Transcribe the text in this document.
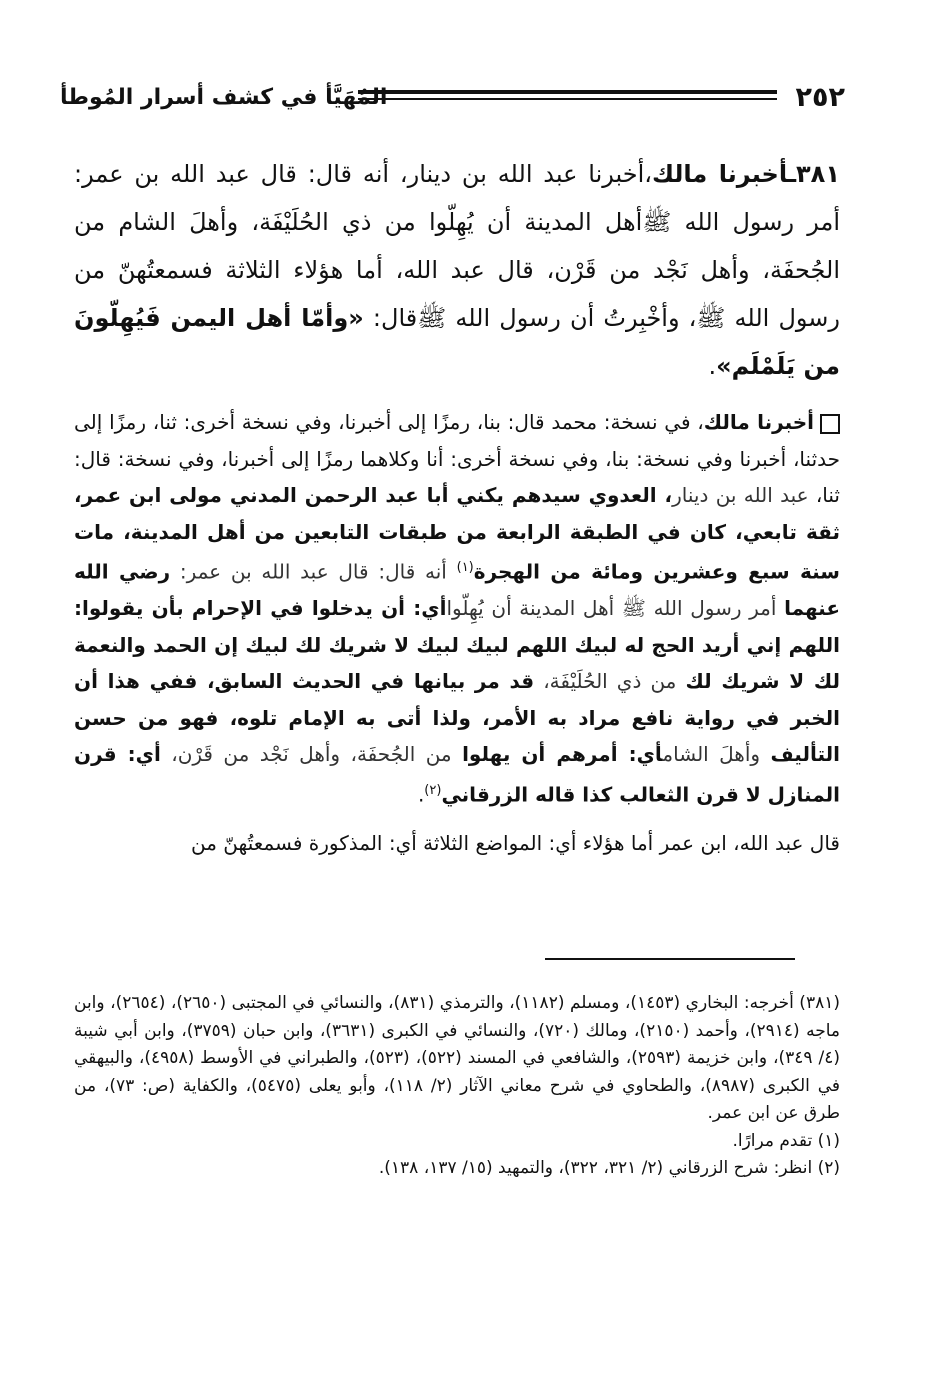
٢٥٢
المُهَيَّأ في كشف أسرار المُوطأ

٣٨١ـأخبرنا مالك،أخبرنا عبد الله بن دينار، أنه قال: قال عبد الله بن عمر: أمر رسول الله ﷺأهل المدينة أن يُهِلّوا من ذي الحُلَيْفَة، وأهلَ الشام من الجُحفَة، وأهل نَجْد من قَرْن، قال عبد الله، أما هؤلاء الثلاثة فسمعتُهنّ من رسول الله ﷺ، وأخْبِرتُ أن رسول الله ﷺقال: «وأمّا أهل اليمن فَيُهِلّونَ من يَلَمْلَم».

أخبرنا مالك، في نسخة: محمد قال: بنا، رمزًا إلى أخبرنا، وفي نسخة أخرى: ثنا، رمزًا إلى حدثنا، أخبرنا وفي نسخة: بنا، وفي نسخة أخرى: أنا وكلاهما رمزًا إلى أخبرنا، وفي نسخة: قال: ثنا، عبد الله بن دينار، العدوي سيدهم يكني أبا عبد الرحمن المدني مولى ابن عمر، ثقة تابعي، كان في الطبقة الرابعة من طبقات التابعين من أهل المدينة، مات سنة سبع وعشرين ومائة من الهجرة$^{(١)}$ أنه قال: قال عبد الله بن عمر: رضي الله عنهما أمر رسول الله ﷺ أهل المدينة أن يُهِلّواأي: أن يدخلوا في الإحرام بأن يقولوا: اللهم إني أريد الحج له لبيك اللهم لبيك لبيك لا شريك لك لبيك إن الحمد والنعمة لك لا شريك لك من ذي الحُلَيْفَة، قد مر بيانها في الحديث السابق، ففي هذا أن الخبر في رواية نافع مراد به الأمر، ولذا أتى به الإمام تلوه، فهو من حسن التأليف وأهلَ الشامأي: أمرهم أن يهلوا من الجُحفَة، وأهل نَجْد من قَرْن، أي: قرن المنازل لا قرن الثعالب كذا قاله الزرقاني$^{(٢)}$.

قال عبد الله، ابن عمر أما هؤلاء أي: المواضع الثلاثة أي: المذكورة فسمعتُهنّ من

(٣٨١) أخرجه: البخاري (١٤٥٣)، ومسلم (١١٨٢)، والترمذي (٨٣١)، والنسائي في المجتبى (٢٦٥٠)، (٢٦٥٤)، وابن ماجه (٢٩١٤)، وأحمد (٢١٥٠)، ومالك (٧٢٠)، والنسائي في الكبرى (٣٦٣١)، وابن حبان (٣٧٥٩)، وابن أبي شيبة (٤/ ٣٤٩)، وابن خزيمة (٢٥٩٣)، والشافعي في المسند (٥٢٢)، (٥٢٣)، والطبراني في الأوسط (٤٩٥٨)، والبيهقي في الكبرى (٨٩٨٧)، والطحاوي في شرح معاني الآثار (٢/ ١١٨)، وأبو يعلى (٥٤٧٥)، والكفاية (ص: ٧٣)، من طرق عن ابن عمر.

(١) تقدم مرارًا.

(٢) انظر: شرح الزرقاني (٢/ ٣٢١، ٣٢٢)، والتمهيد (١٥/ ١٣٧، ١٣٨).
